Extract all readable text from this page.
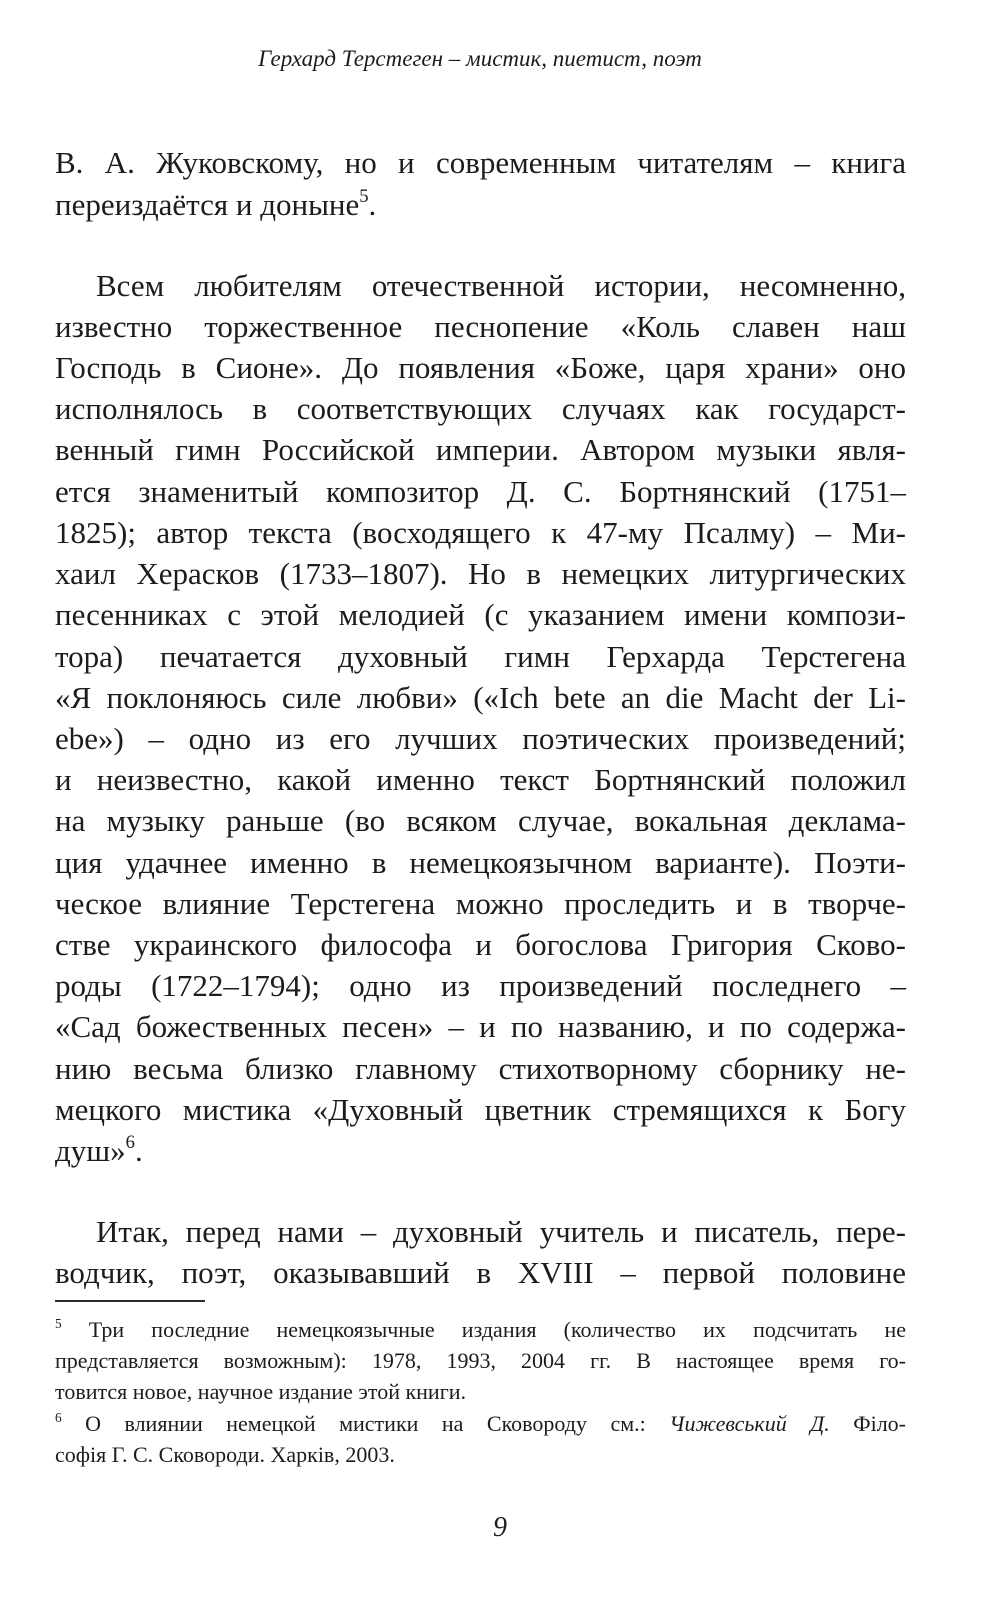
Герхард Терстеген – мистик, пиетист, поэт
В. А. Жуковскому, но и современным читателям – книга
переиздаётся и доныне$^5$.
Всем любителям отечественной истории, несомненно,
известно торжественное песнопение «Коль славен наш
Господь в Сионе». До появления «Боже, царя храни» оно
исполнялось в соответствующих случаях как государст-
венный гимн Российской империи. Автором музыки явля-
ется знаменитый композитор Д. С. Бортнянский (1751–
1825); автор текста (восходящего к 47-му Псалму) – Ми-
хаил Херасков (1733–1807). Но в немецких литургических
песенниках с этой мелодией (с указанием имени компози-
тора) печатается духовный гимн Герхарда Терстегена
«Я поклоняюсь силе любви» («Ich bete an die Macht der Li-
ebe») – одно из его лучших поэтических произведений;
и неизвестно, какой именно текст Бортнянский положил
на музыку раньше (во всяком случае, вокальная деклама-
ция удачнее именно в немецкоязычном варианте). Поэти-
ческое влияние Терстегена можно проследить и в творче-
стве украинского философа и богослова Григория Сково-
роды (1722–1794); одно из произведений последнего –
«Сад божественных песен» – и по названию, и по содержа-
нию весьма близко главному стихотворному сборнику не-
мецкого мистика «Духовный цветник стремящихся к Богу
душ»$^6$.
Итак, перед нами – духовный учитель и писатель, пере-
водчик, поэт, оказывавший в XVIII – первой половине
$^5$ Три последние немецкоязычные издания (количество их подсчитать не
представляется возможным): 1978, 1993, 2004 гг. В настоящее время го-
товится новое, научное издание этой книги.
$^6$ О влиянии немецкой мистики на Сковороду см.: Чижевський Д. Філо-
софія Г. С. Сковороди. Харків, 2003.
9
